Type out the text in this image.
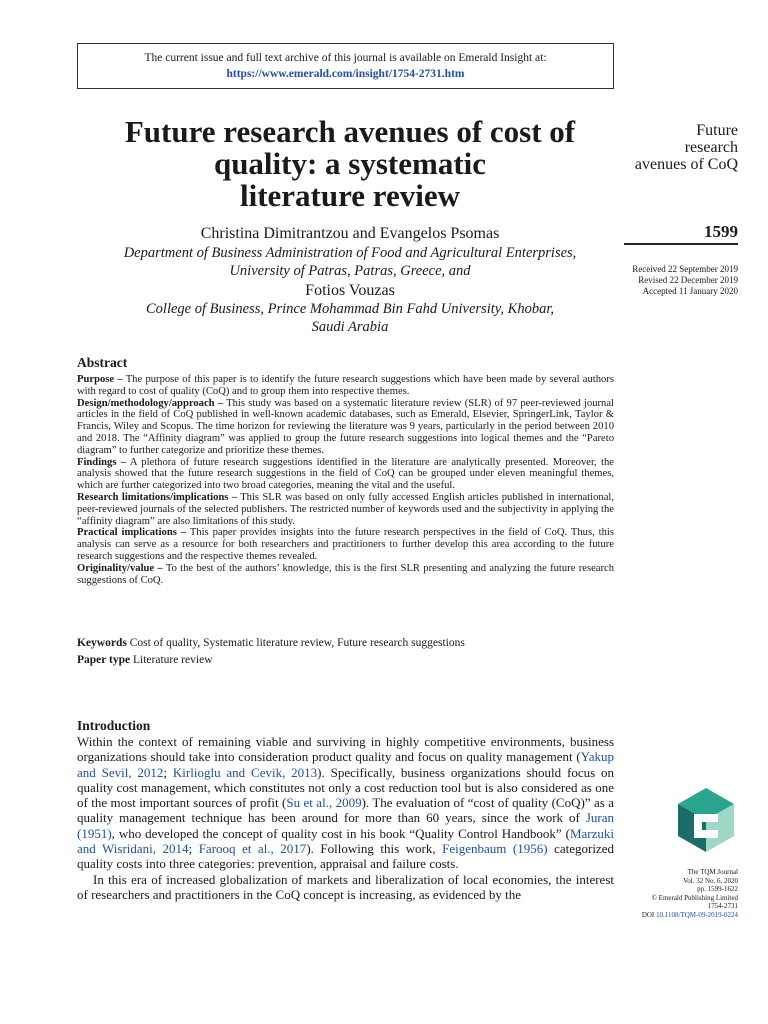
The current issue and full text archive of this journal is available on Emerald Insight at:
https://www.emerald.com/insight/1754-2731.htm
Future research avenues of cost of
quality: a systematic
literature review
Christina Dimitrantzou and Evangelos Psomas
Department of Business Administration of Food and Agricultural Enterprises,
University of Patras, Patras, Greece, and
Fotios Vouzas
College of Business, Prince Mohammad Bin Fahd University, Khobar,
Saudi Arabia
Future
research
avenues of CoQ
1599
Received 22 September 2019
Revised 22 December 2019
Accepted 11 January 2020
Abstract

Purpose – The purpose of this paper is to identify the future research suggestions which have been made by several authors with regard to cost of quality (CoQ) and to group them into respective themes.

Design/methodology/approach – This study was based on a systematic literature review (SLR) of 97 peer-reviewed journal articles in the field of CoQ published in well-known academic databases, such as Emerald, Elsevier, SpringerLink, Taylor & Francis, Wiley and Scopus. The time horizon for reviewing the literature was 9 years, particularly in the period between 2010 and 2018. The “Affinity diagram” was applied to group the future research suggestions into logical themes and the “Pareto diagram” to further categorize and prioritize these themes.

Findings – A plethora of future research suggestions identified in the literature are analytically presented. Moreover, the analysis showed that the future research suggestions in the field of CoQ can be grouped under eleven meaningful themes, which are further categorized into two broad categories, meaning the vital and the useful.

Research limitations/implications – This SLR was based on only fully accessed English articles published in international, peer-reviewed journals of the selected publishers. The restricted number of keywords used and the subjectivity in applying the “affinity diagram” are also limitations of this study.

Practical implications – This paper provides insights into the future research perspectives in the field of CoQ. Thus, this analysis can serve as a resource for both researchers and practitioners to further develop this area according to the future research suggestions and the respective themes revealed.

Originality/value – To the best of the authors’ knowledge, this is the first SLR presenting and analyzing the future research suggestions of CoQ.

Keywords Cost of quality, Systematic literature review, Future research suggestions
Paper type Literature review
Introduction

Within the context of remaining viable and surviving in highly competitive environments, business organizations should take into consideration product quality and focus on quality management (Yakup and Sevil, 2012; Kirlioglu and Cevik, 2013). Specifically, business organizations should focus on quality cost management, which constitutes not only a cost reduction tool but is also considered as one of the most important sources of profit (Su et al., 2009). The evaluation of “cost of quality (CoQ)” as a quality management technique has been around for more than 60 years, since the work of Juran (1951), who developed the concept of quality cost in his book “Quality Control Handbook” (Marzuki and Wisridani, 2014; Farooq et al., 2017). Following this work, Feigenbaum (1956) categorized quality costs into three categories: prevention, appraisal and failure costs.

In this era of increased globalization of markets and liberalization of local economies, the interest of researchers and practitioners in the CoQ concept is increasing, as evidenced by the

The TQM Journal
Vol. 32 No. 6, 2020
pp. 1599-1622
© Emerald Publishing Limited
1754-2731
DOI 10.1108/TQM-09-2019-0224
